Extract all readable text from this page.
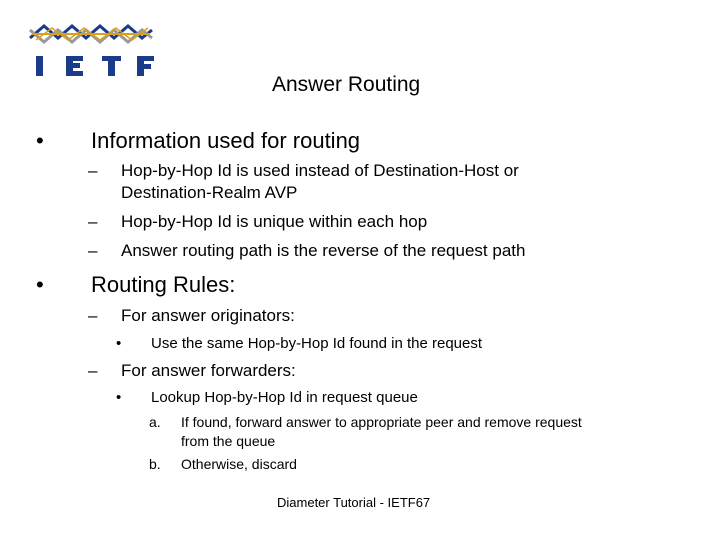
Answer Routing
• Information used for routing
– Hop-by-Hop Id is used instead of Destination-Host or
Destination-Realm AVP
– Hop-by-Hop Id is unique within each hop
– Answer routing path is the reverse of the request path
• Routing Rules:
– For answer originators:
• Use the same Hop-by-Hop Id found in the request
– For answer forwarders:
• Lookup Hop-by-Hop Id in request queue
a. If found, forward answer to appropriate peer and remove request
from the queue
b. Otherwise, discard
Diameter Tutorial - IETF67
